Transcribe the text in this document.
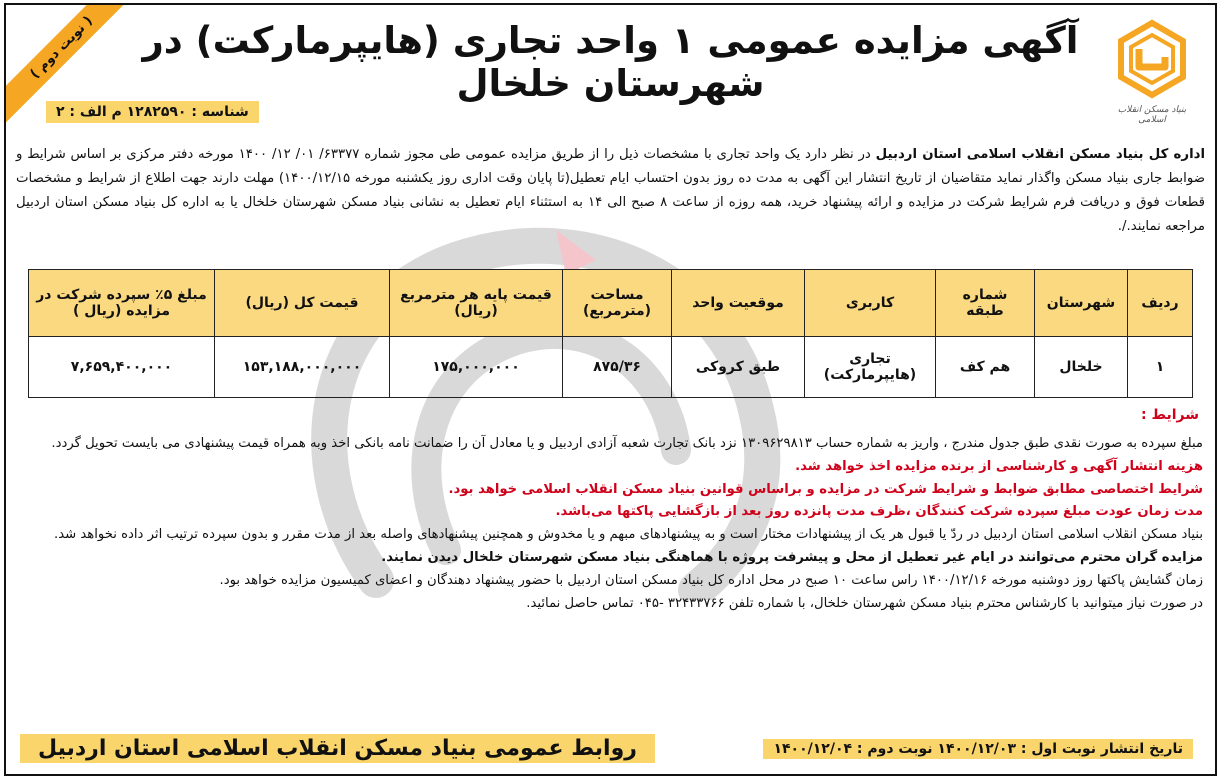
( نوبت دوم )	آگهی مزایده عمومی ۱ واحد تجاری (هایپرمارکت) در شهرستان خلخال
بنیاد مسکن انقلاب اسلامی
شناسه : ۱۲۸۲۵۹۰ م الف : ۲
اداره کل بنیاد مسکن انقلاب اسلامی استان اردبیل در نظر دارد یک واحد تجاری با مشخصات ذیل را از طریق مزایده عمومی طی مجوز شماره ۶۳۳۷۷/ ۰۱/ ۱۲/ ۱۴۰۰ مورخه دفتر مرکزی بر اساس شرایط و ضوابط جاری بنیاد مسکن واگذار نماید متقاضیان از تاریخ انتشار این آگهی به مدت ده روز بدون احتساب ایام تعطیل(تا پایان وقت اداری روز یکشنبه مورخه ۱۴۰۰/۱۲/۱۵) مهلت دارند جهت اطلاع از شرایط و مشخصات قطعات فوق و دریافت فرم شرایط شرکت در مزایده و ارائه پیشنهاد خرید، همه روزه از ساعت ۸ صبح الی ۱۴ به استثناء ایام تعطیل به نشانی بنیاد مسکن شهرستان خلخال یا به اداره کل بنیاد مسکن استان اردبیل مراجعه نمایند./.
ردیف	شهرستان	شماره طبقه	کاربری	موقعیت واحد	مساحت (مترمربع)	قیمت پایه هر مترمربع (ریال)	قیمت کل (ریال)	مبلغ ۵٪ سپرده شرکت در مزایده (ریال )
۱	خلخال	هم کف	تجاری (هایپرمارکت)	طبق کروکی	۸۷۵/۳۶	۱۷۵,۰۰۰,۰۰۰	۱۵۳,۱۸۸,۰۰۰,۰۰۰	۷,۶۵۹,۴۰۰,۰۰۰
شرایط :

مبلغ سپرده به صورت نقدی طبق جدول مندرج ، واریز به شماره حساب ۱۳۰۹۶۲۹۸۱۳ نزد بانک تجارت شعبه آزادی اردبیل و یا معادل آن را ضمانت نامه بانکی اخذ وبه همراه قیمت پیشنهادی می بایست تحویل گردد.

هزینه انتشار آگهی و کارشناسی از برنده مزایده اخذ خواهد شد.

شرایط اختصاصی مطابق ضوابط و شرایط شرکت در مزایده و براساس قوانین بنیاد مسکن انقلاب اسلامی خواهد بود.

مدت زمان عودت مبلغ سپرده شرکت کنندگان ،ظرف مدت پانزده روز بعد از بازگشایی پاکتها می‌باشد.

بنیاد مسکن انقلاب اسلامی استان اردبیل در ردّ یا قبول هر یک از پیشنهادات مختار است و به پیشنهادهای مبهم و یا مخدوش و همچنین پیشنهادهای واصله بعد از مدت مقرر و بدون سپرده ترتیب اثر داده نخواهد شد.

مزایده گران محترم می‌توانند در ایام غیر تعطیل از محل و پیشرفت پروژه با هماهنگی بنیاد مسکن شهرستان خلخال دیدن نمایند.

زمان گشایش پاکتها روز دوشنبه مورخه ۱۴۰۰/۱۲/۱۶ راس ساعت ۱۰ صبح در محل اداره کل بنیاد مسکن استان اردبیل با حضور پیشنهاد دهندگان و اعضای کمیسیون مزایده خواهد بود.

در صورت نیاز میتوانید با کارشناس محترم بنیاد مسکن شهرستان خلخال، با شماره تلفن ۳۲۴۳۳۷۶۶ -۰۴۵ تماس حاصل نمائید.

روابط عمومی بنیاد مسکن انقلاب اسلامی استان اردبیل	تاریخ انتشار نوبت اول : ۱۴۰۰/۱۲/۰۳ نوبت دوم : ۱۴۰۰/۱۲/۰۴
